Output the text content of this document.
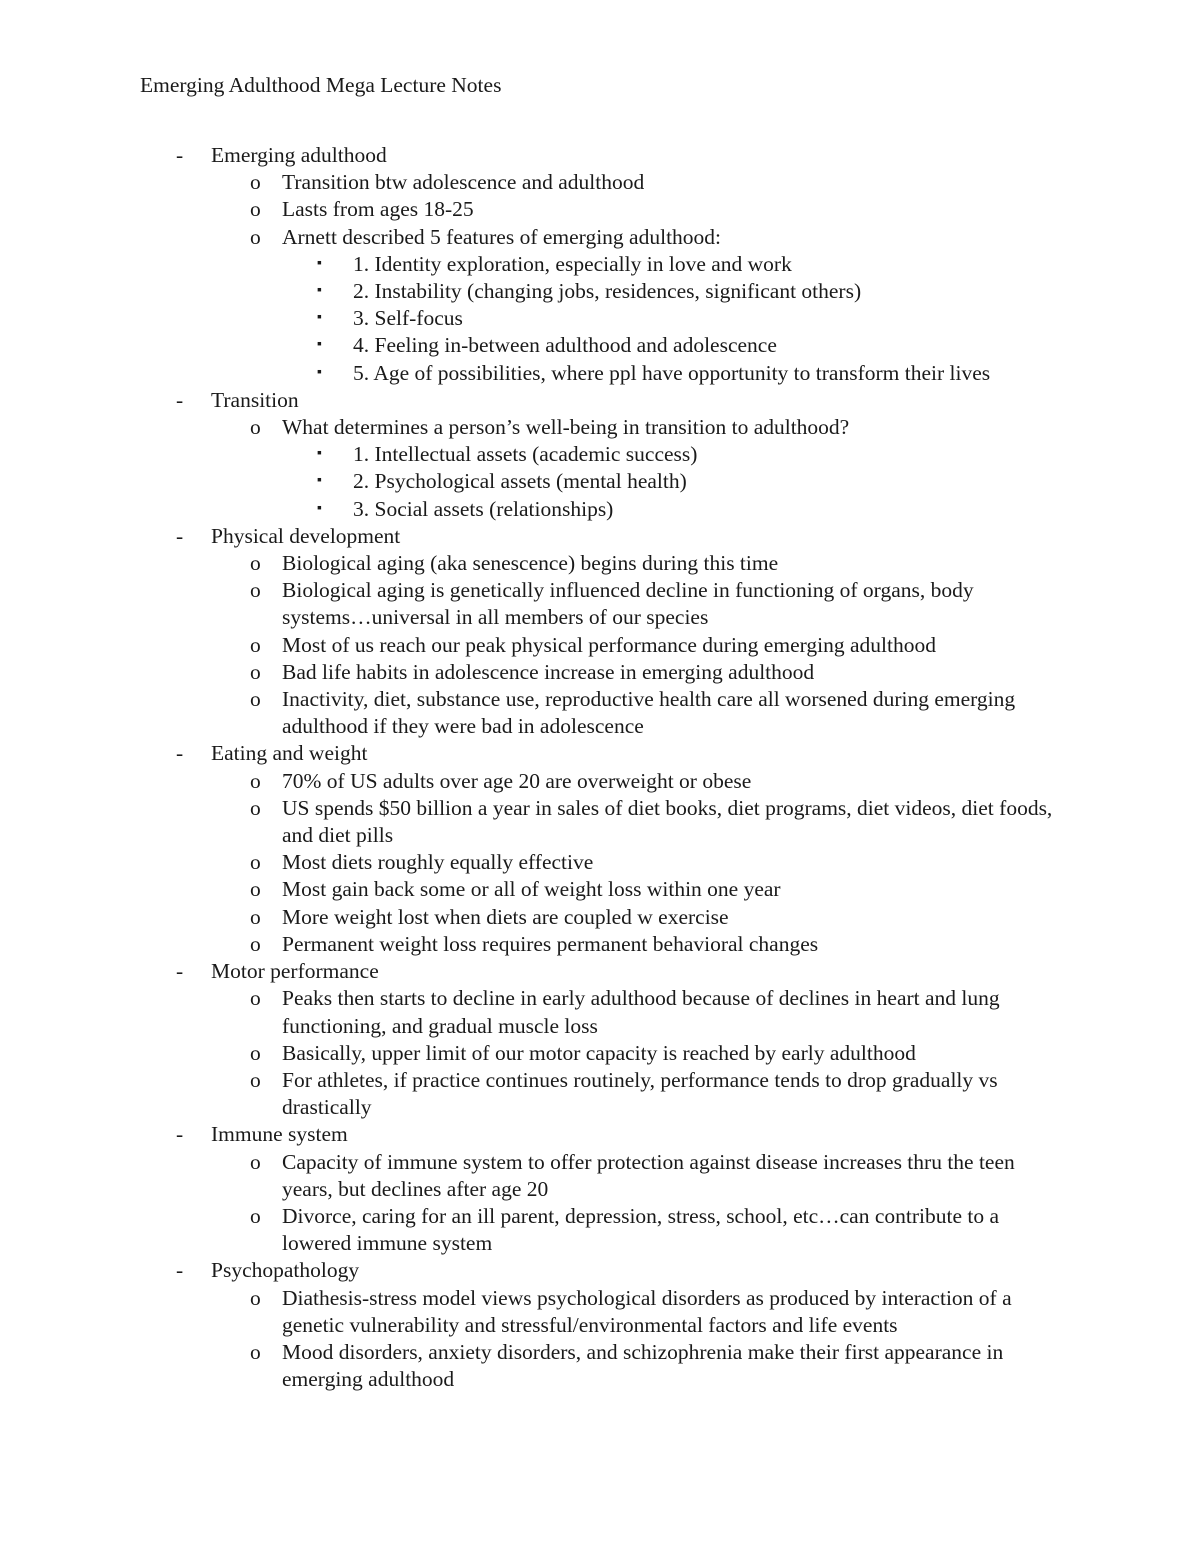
Emerging Adulthood Mega Lecture Notes
- Emerging adulthood
o Transition btw adolescence and adulthood
o Lasts from ages 18-25
o Arnett described 5 features of emerging adulthood:
▪ 1. Identity exploration, especially in love and work
▪ 2. Instability (changing jobs, residences, significant others)
▪ 3. Self-focus
▪ 4. Feeling in-between adulthood and adolescence
▪ 5. Age of possibilities, where ppl have opportunity to transform their lives
- Transition
o What determines a person’s well-being in transition to adulthood?
▪ 1. Intellectual assets (academic success)
▪ 2. Psychological assets (mental health)
▪ 3. Social assets (relationships)
- Physical development
o Biological aging (aka senescence) begins during this time
o Biological aging is genetically influenced decline in functioning of organs, body systems…universal in all members of our species
o Most of us reach our peak physical performance during emerging adulthood
o Bad life habits in adolescence increase in emerging adulthood
o Inactivity, diet, substance use, reproductive health care all worsened during emerging adulthood if they were bad in adolescence
- Eating and weight
o 70% of US adults over age 20 are overweight or obese
o US spends $50 billion a year in sales of diet books, diet programs, diet videos, diet foods, and diet pills
o Most diets roughly equally effective
o Most gain back some or all of weight loss within one year
o More weight lost when diets are coupled w exercise
o Permanent weight loss requires permanent behavioral changes
- Motor performance
o Peaks then starts to decline in early adulthood because of declines in heart and lung functioning, and gradual muscle loss
o Basically, upper limit of our motor capacity is reached by early adulthood
o For athletes, if practice continues routinely, performance tends to drop gradually vs drastically
- Immune system
o Capacity of immune system to offer protection against disease increases thru the teen years, but declines after age 20
o Divorce, caring for an ill parent, depression, stress, school, etc…can contribute to a lowered immune system
- Psychopathology
o Diathesis-stress model views psychological disorders as produced by interaction of a genetic vulnerability and stressful/environmental factors and life events
o Mood disorders, anxiety disorders, and schizophrenia make their first appearance in emerging adulthood
